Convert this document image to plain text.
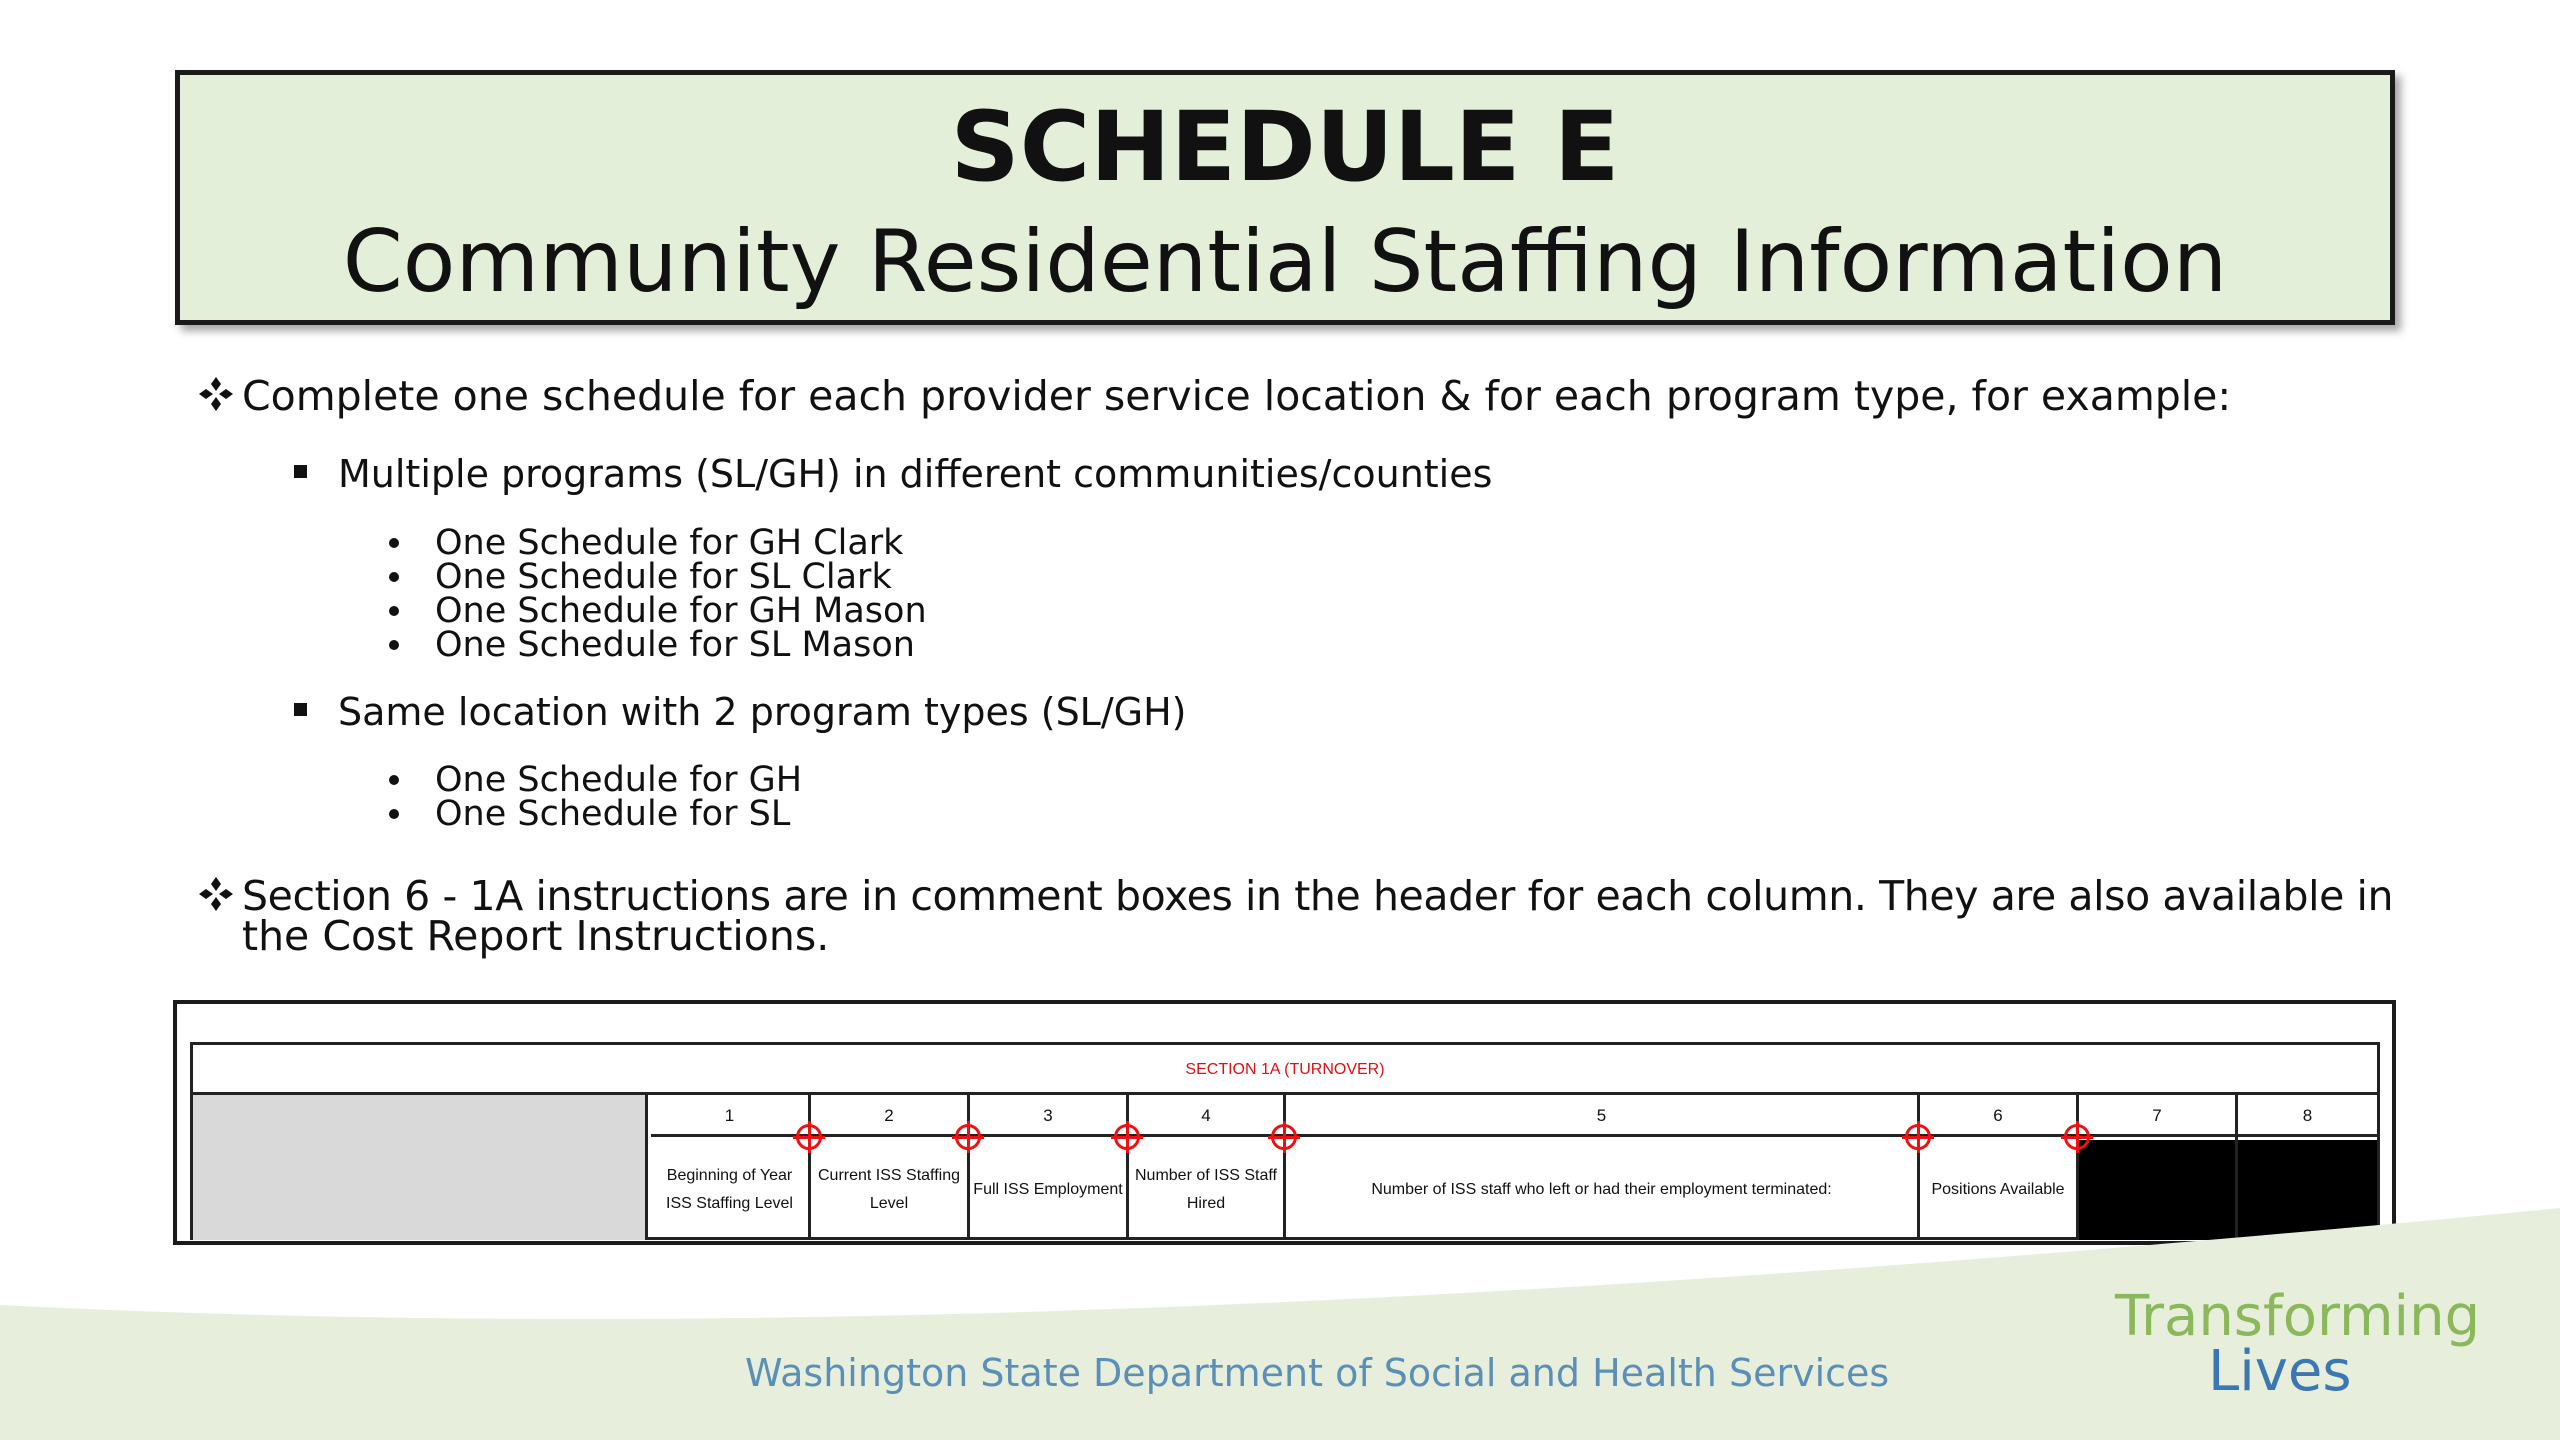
SCHEDULE E
Community Residential Staffing Information
Complete one schedule for each provider service location & for each program type, for example:
Multiple programs (SL/GH) in different communities/counties
One Schedule for GH Clark
One Schedule for SL Clark
One Schedule for GH Mason
One Schedule for SL Mason
Same location with 2 program types (SL/GH)
One Schedule for GH
One Schedule for SL
Section 6 - 1A instructions are in comment boxes in the header for each column. They are also available in
the Cost Report Instructions.
SECTION 1A (TURNOVER)
1
Beginning of Year ISS Staffing Level
2
Current ISS Staffing Level
3
Full ISS Employment
4
Number of ISS Staff Hired
5
Number of ISS staff who left or had their employment terminated:
6
Positions Available
7	8
Washington State Department of Social and Health Services
Transforming
Lives
